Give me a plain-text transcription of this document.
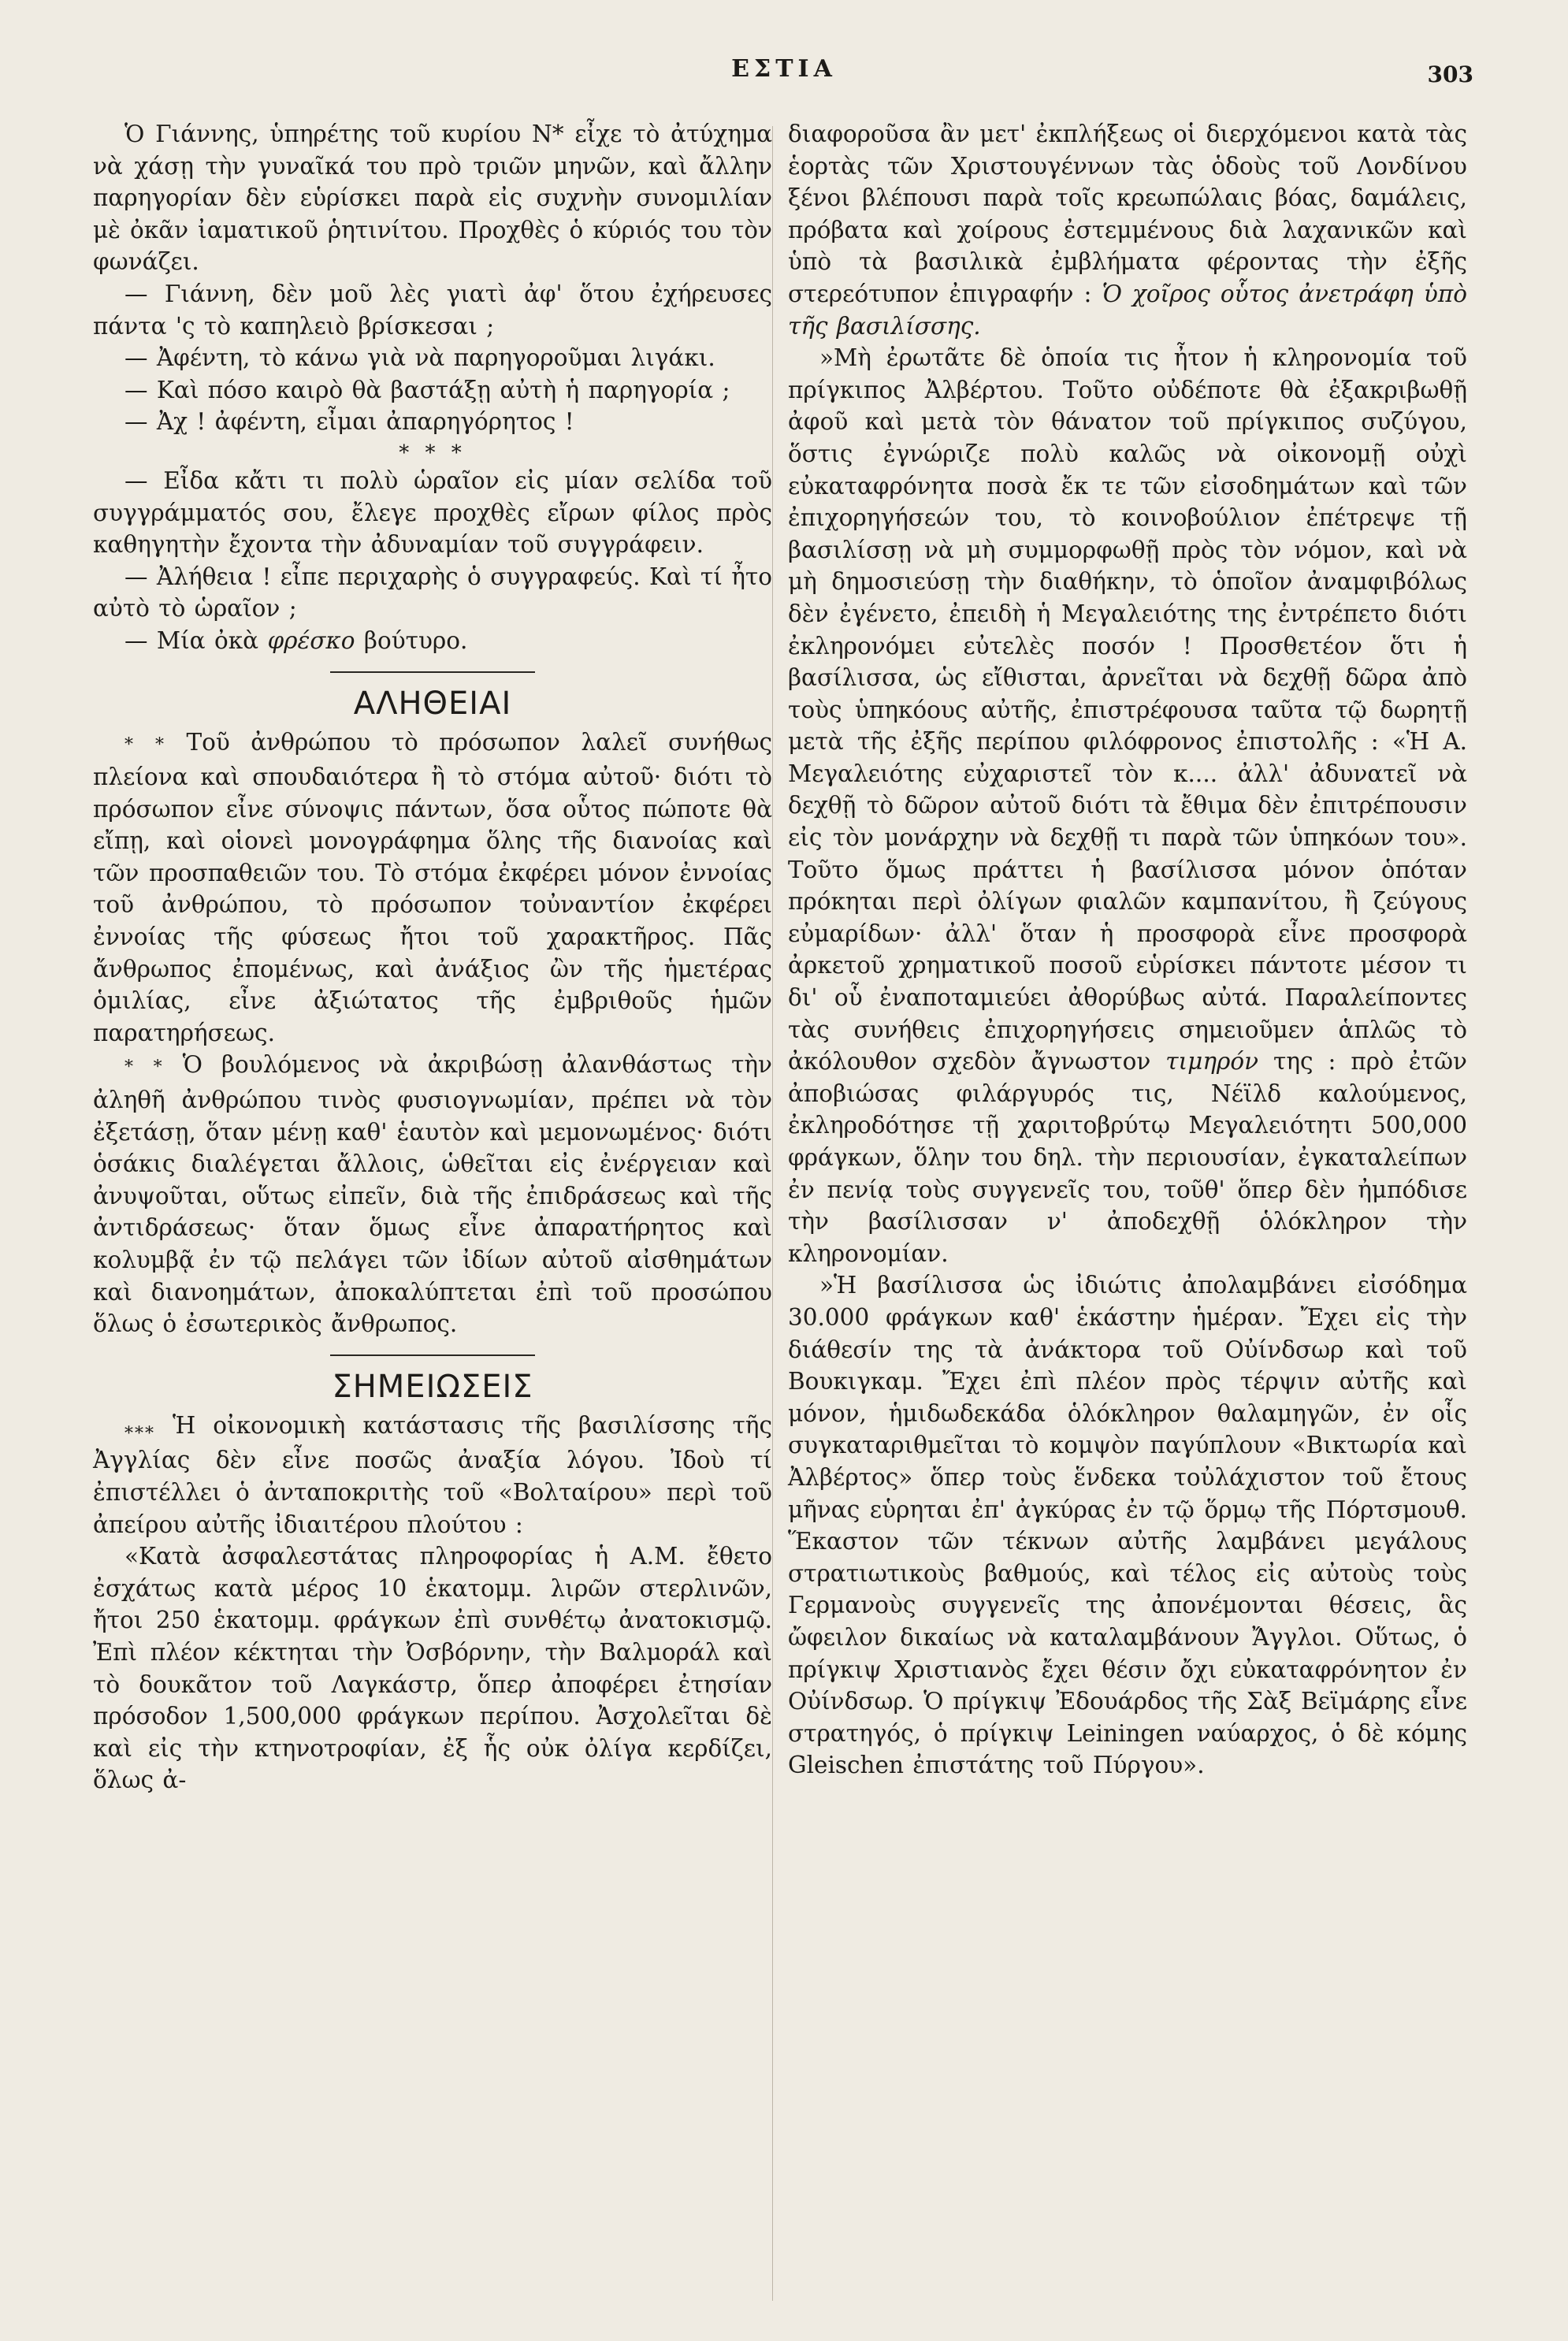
ΕΣΤΙΑ	303

Ὁ Γιάννης, ὑπηρέτης τοῦ κυρίου Ν* εἶχε τὸ ἀτύχημα νὰ χάσῃ τὴν γυναῖκά του πρὸ τριῶν μηνῶν, καὶ ἄλλην παρηγορίαν δὲν εὑρίσκει παρὰ εἰς συχνὴν συνομιλίαν μὲ ὀκᾶν ἰαματικοῦ ῥητινίτου. Προχθὲς ὁ κύριός του τὸν φωνάζει.

— Γιάννη, δὲν μοῦ λὲς γιατὶ ἀφ' ὅτου ἐχήρευσες πάντα 'ς τὸ καπηλειὸ βρίσκεσαι ;

— Ἀφέντη, τὸ κάνω γιὰ νὰ παρηγοροῦμαι λιγάκι.

— Καὶ πόσο καιρὸ θὰ βαστάξῃ αὐτὴ ἡ παρηγορία ;

— Ἀχ ! ἀφέντη, εἶμαι ἀπαρηγόρητος !

* * *

— Εἶδα κἄτι τι πολὺ ὡραῖον εἰς μίαν σελίδα τοῦ συγγράμματός σου, ἔλεγε προχθὲς εἴρων φίλος πρὸς καθηγητὴν ἔχοντα τὴν ἀδυναμίαν τοῦ συγγράφειν.

— Ἀλήθεια ! εἶπε περιχαρὴς ὁ συγγραφεύς. Καὶ τί ἦτο αὐτὸ τὸ ὡραῖον ;

— Μία ὀκὰ φρέσκο βούτυρο.

ΑΛΗΘΕΙΑΙ

* * Τοῦ ἀνθρώπου τὸ πρόσωπον λαλεῖ συνήθως πλείονα καὶ σπουδαιότερα ἢ τὸ στόμα αὐτοῦ· διότι τὸ πρόσωπον εἶνε σύνοψις πάντων, ὅσα οὗτος πώποτε θὰ εἴπῃ, καὶ οἱονεὶ μονογράφημα ὅλης τῆς διανοίας καὶ τῶν προσπαθειῶν του. Τὸ στόμα ἐκφέρει μόνον ἐννοίας τοῦ ἀνθρώπου, τὸ πρόσωπον τοὐναντίον ἐκφέρει ἐννοίας τῆς φύσεως ἤτοι τοῦ χαρακτῆρος. Πᾶς ἄνθρωπος ἐπομένως, καὶ ἀνάξιος ὢν τῆς ἡμετέρας ὁμιλίας, εἶνε ἀξιώτατος τῆς ἐμβριθοῦς ἡμῶν παρατηρήσεως.

* * Ὁ βουλόμενος νὰ ἀκριβώσῃ ἀλανθάστως τὴν ἀληθῆ ἀνθρώπου τινὸς φυσιογνωμίαν, πρέπει νὰ τὸν ἐξετάσῃ, ὅταν μένῃ καθ' ἑαυτὸν καὶ μεμονωμένος· διότι ὁσάκις διαλέγεται ἄλλοις, ὡθεῖται εἰς ἐνέργειαν καὶ ἀνυψοῦται, οὕτως εἰπεῖν, διὰ τῆς ἐπιδράσεως καὶ τῆς ἀντιδράσεως· ὅταν ὅμως εἶνε ἀπαρατήρητος καὶ κολυμβᾷ ἐν τῷ πελάγει τῶν ἰδίων αὐτοῦ αἰσθημάτων καὶ διανοημάτων, ἀποκαλύπτεται ἐπὶ τοῦ προσώπου ὅλως ὁ ἐσωτερικὸς ἄνθρωπος.

ΣΗΜΕΙΩΣΕΙΣ

⁎⁎⁎ Ἡ οἰκονομικὴ κατάστασις τῆς βασιλίσσης τῆς Ἀγγλίας δὲν εἶνε ποσῶς ἀναξία λόγου. Ἰδοὺ τί ἐπιστέλλει ὁ ἀνταποκριτὴς τοῦ «Βολταίρου» περὶ τοῦ ἀπείρου αὐτῆς ἰδιαιτέρου πλούτου :

«Κατὰ ἀσφαλεστάτας πληροφορίας ἡ Α.Μ. ἔθετο ἐσχάτως κατὰ μέρος 10 ἑκατομμ. λιρῶν στερλινῶν, ἤτοι 250 ἑκατομμ. φράγκων ἐπὶ συνθέτῳ ἀνατοκισμῷ. Ἐπὶ πλέον κέκτηται τὴν Ὀσβόρνην, τὴν Βαλμοράλ καὶ τὸ δουκᾶτον τοῦ Λαγκάστρ, ὅπερ ἀποφέρει ἐτησίαν πρόσοδον 1,500,000 φράγκων περίπου. Ἀσχολεῖται δὲ καὶ εἰς τὴν κτηνοτροφίαν, ἐξ ἧς οὐκ ὀλίγα κερδίζει, ὅλως ἀ-

διαφοροῦσα ἂν μετ' ἐκπλήξεως οἱ διερχόμενοι κατὰ τὰς ἑορτὰς τῶν Χριστουγέννων τὰς ὁδοὺς τοῦ Λονδίνου ξένοι βλέπουσι παρὰ τοῖς κρεωπώλαις βόας, δαμάλεις, πρόβατα καὶ χοίρους ἐστεμμένους διὰ λαχανικῶν καὶ ὑπὸ τὰ βασιλικὰ ἐμβλήματα φέροντας τὴν ἐξῆς στερεότυπον ἐπιγραφήν : Ὁ χοῖρος οὗτος ἀνετράφη ὑπὸ τῆς βασιλίσσης.

»Μὴ ἐρωτᾶτε δὲ ὁποία τις ἦτον ἡ κληρονομία τοῦ πρίγκιπος Ἀλβέρτου. Τοῦτο οὐδέποτε θὰ ἐξακριβωθῇ ἀφοῦ καὶ μετὰ τὸν θάνατον τοῦ πρίγκιπος συζύγου, ὅστις ἐγνώριζε πολὺ καλῶς νὰ οἰκονομῇ οὐχὶ εὐκαταφρόνητα ποσὰ ἔκ τε τῶν εἰσοδημάτων καὶ τῶν ἐπιχορηγήσεών του, τὸ κοινοβούλιον ἐπέτρεψε τῇ βασιλίσσῃ νὰ μὴ συμμορφωθῇ πρὸς τὸν νόμον, καὶ νὰ μὴ δημοσιεύσῃ τὴν διαθήκην, τὸ ὁποῖον ἀναμφιβόλως δὲν ἐγένετο, ἐπειδὴ ἡ Μεγαλειότης της ἐντρέπετο διότι ἐκληρονόμει εὐτελὲς ποσόν ! Προσθετέον ὅτι ἡ βασίλισσα, ὡς εἴθισται, ἀρνεῖται νὰ δεχθῇ δῶρα ἀπὸ τοὺς ὑπηκόους αὐτῆς, ἐπιστρέφουσα ταῦτα τῷ δωρητῇ μετὰ τῆς ἐξῆς περίπου φιλόφρονος ἐπιστολῆς : «Ἡ Α. Μεγαλειότης εὐχαριστεῖ τὸν κ.... ἀλλ' ἀδυνατεῖ νὰ δεχθῇ τὸ δῶρον αὐτοῦ διότι τὰ ἔθιμα δὲν ἐπιτρέπουσιν εἰς τὸν μονάρχην νὰ δεχθῇ τι παρὰ τῶν ὑπηκόων του». Τοῦτο ὅμως πράττει ἡ βασίλισσα μόνον ὁπόταν πρόκηται περὶ ὀλίγων φιαλῶν καμπανίτου, ἢ ζεύγους εὐμαρίδων· ἀλλ' ὅταν ἡ προσφορὰ εἶνε προσφορὰ ἀρκετοῦ χρηματικοῦ ποσοῦ εὑρίσκει πάντοτε μέσον τι δι' οὗ ἐναποταμιεύει ἀθορύβως αὐτά. Παραλείποντες τὰς συνήθεις ἐπιχορηγήσεις σημειοῦμεν ἁπλῶς τὸ ἀκόλουθον σχεδὸν ἄγνωστον τιμηρόν της : πρὸ ἐτῶν ἀποβιώσας φιλάργυρός τις, Νέϊλδ καλούμενος, ἐκληροδότησε τῇ χαριτοβρύτῳ Μεγαλειότητι 500,000 φράγκων, ὅλην του δηλ. τὴν περιουσίαν, ἐγκαταλείπων ἐν πενίᾳ τοὺς συγγενεῖς του, τοῦθ' ὅπερ δὲν ἠμπόδισε τὴν βασίλισσαν ν' ἀποδεχθῇ ὁλόκληρον τὴν κληρονομίαν.

»Ἡ βασίλισσα ὡς ἰδιώτις ἀπολαμβάνει εἰσόδημα 30.000 φράγκων καθ' ἑκάστην ἡμέραν. Ἔχει εἰς τὴν διάθεσίν της τὰ ἀνάκτορα τοῦ Οὐίνδσωρ καὶ τοῦ Βουκιγκαμ. Ἔχει ἐπὶ πλέον πρὸς τέρψιν αὐτῆς καὶ μόνον, ἡμιδωδεκάδα ὁλόκληρον θαλαμηγῶν, ἐν οἷς συγκαταριθμεῖται τὸ κομψὸν παγύπλουν «Βικτωρία καὶ Ἀλβέρτος» ὅπερ τοὺς ἕνδεκα τοὐλάχιστον τοῦ ἔτους μῆνας εὑρηται ἐπ' ἀγκύρας ἐν τῷ ὅρμῳ τῆς Πόρτσμουθ. Ἕκαστον τῶν τέκνων αὐτῆς λαμβάνει μεγάλους στρατιωτικοὺς βαθμούς, καὶ τέλος εἰς αὐτοὺς τοὺς Γερμανοὺς συγγενεῖς της ἀπονέμονται θέσεις, ἃς ὤφειλον δικαίως νὰ καταλαμβάνουν Ἄγγλοι. Οὕτως, ὁ πρίγκιψ Χριστιανὸς ἔχει θέσιν ὄχι εὐκαταφρόνητον ἐν Οὐίνδσωρ. Ὁ πρίγκιψ Ἐδουάρδος τῆς Σὰξ Βεϊμάρης εἶνε στρατηγός, ὁ πρίγκιψ Leiningen ναύαρχος, ὁ δὲ κόμης Gleischen ἐπιστάτης τοῦ Πύργου».
